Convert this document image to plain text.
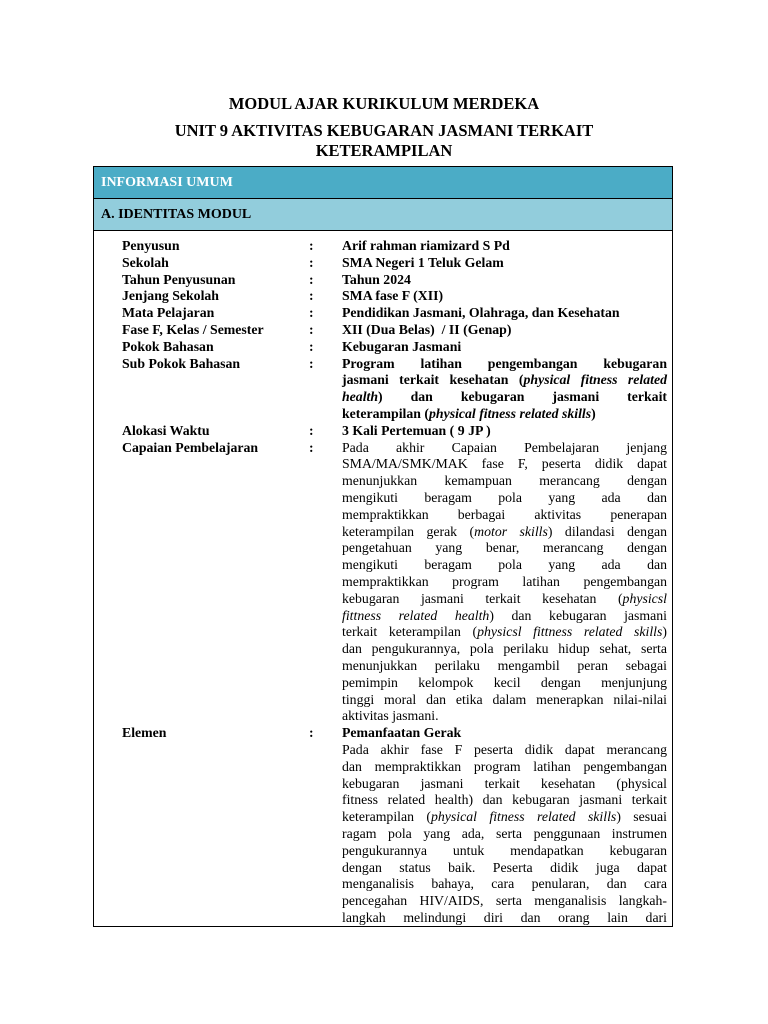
MODUL AJAR KURIKULUM MERDEKA
UNIT 9 AKTIVITAS KEBUGARAN JASMANI TERKAIT
KETERAMPILAN
INFORMASI UMUM
A. IDENTITAS MODUL
Penyusun	:	Arif rahman riamizard S Pd
Sekolah	:	SMA Negeri 1 Teluk Gelam
Tahun Penyusunan	:	Tahun 2024
Jenjang Sekolah	:	SMA fase F (XII)
Mata Pelajaran	:	Pendidikan Jasmani, Olahraga, dan Kesehatan
Fase F, Kelas / Semester	:	XII (Dua Belas)  / II (Genap)
Pokok Bahasan	:	Kebugaran Jasmani
Sub Pokok Bahasan	:	Program latihan pengembangan kebugaran
jasmani terkait kesehatan (physical fitness related
health) dan kebugaran jasmani terkait
keterampilan (physical fitness related skills)
Alokasi Waktu	:	3 Kali Pertemuan ( 9 JP )
Capaian Pembelajaran	:	Pada akhir Capaian Pembelajaran jenjang
SMA/MA/SMK/MAK fase F, peserta didik dapat
menunjukkan kemampuan merancang dengan
mengikuti beragam pola yang ada dan
mempraktikkan berbagai aktivitas penerapan
keterampilan gerak (motor skills) dilandasi dengan
pengetahuan yang benar, merancang dengan
mengikuti beragam pola yang ada dan
mempraktikkan program latihan pengembangan
kebugaran jasmani terkait kesehatan (physicsl
fittness related health) dan kebugaran jasmani
terkait keterampilan (physicsl fittness related skills)
dan pengukurannya, pola perilaku hidup sehat, serta
menunjukkan perilaku mengambil peran sebagai
pemimpin kelompok kecil dengan menjunjung
tinggi moral dan etika dalam menerapkan nilai-nilai
aktivitas jasmani.
Elemen	:	Pemanfaatan Gerak
Pada akhir fase F peserta didik dapat merancang
dan mempraktikkan program latihan pengembangan
kebugaran jasmani terkait kesehatan (physical
fitness related health) dan kebugaran jasmani terkait
keterampilan (physical fitness related skills) sesuai
ragam pola yang ada, serta penggunaan instrumen
pengukurannya untuk mendapatkan kebugaran
dengan status baik. Peserta didik juga dapat
menganalisis bahaya, cara penularan, dan cara
pencegahan HIV/AIDS, serta menganalisis langkah-
langkah melindungi diri dan orang lain dari
